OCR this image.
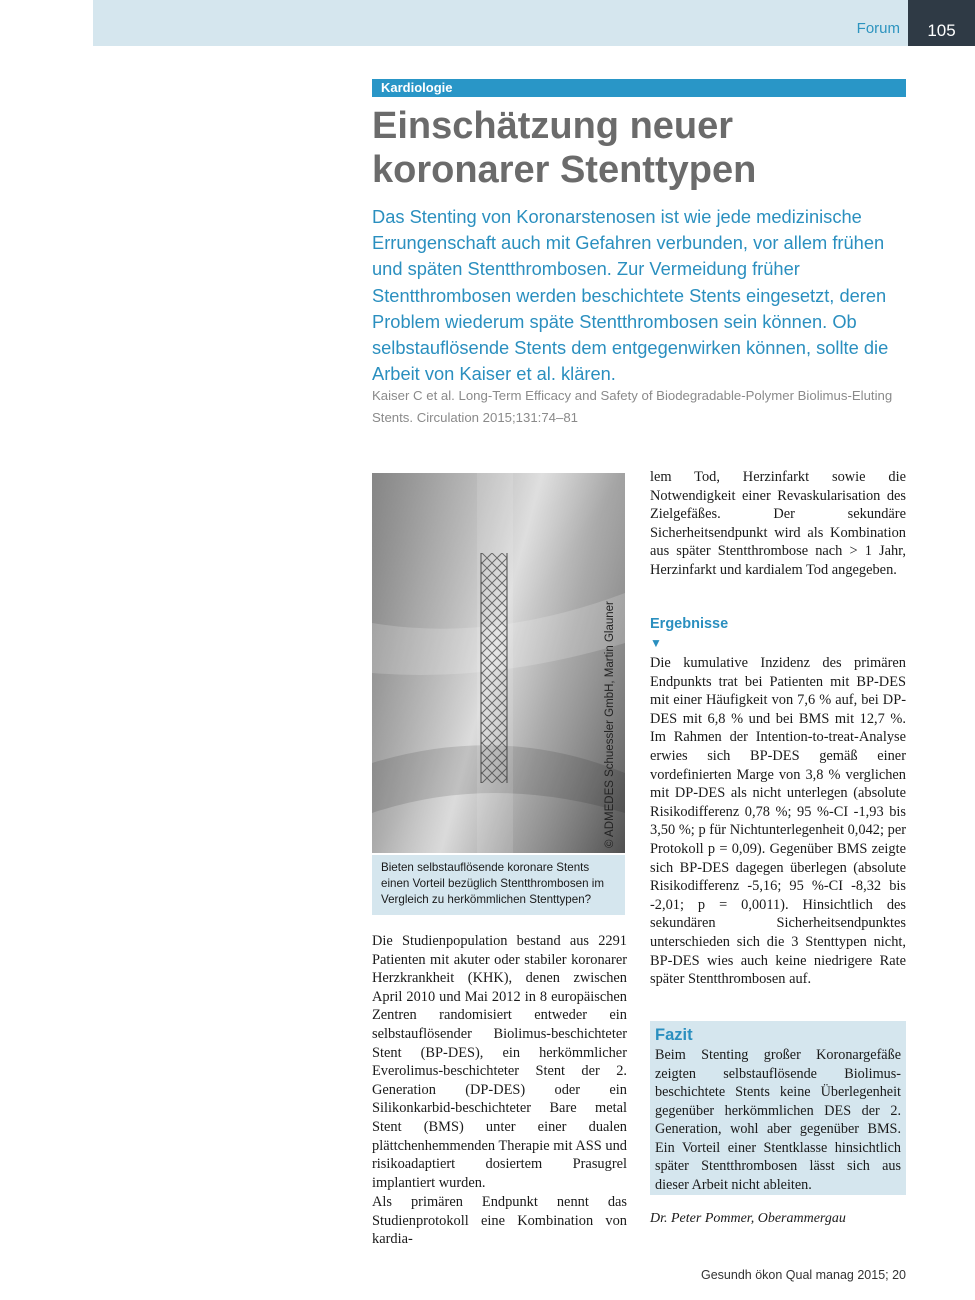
Forum	105
Kardiologie
Einschätzung neuer koronarer Stenttypen

Das Stenting von Koronarstenosen ist wie jede medizinische Errungenschaft auch mit Gefahren verbunden, vor allem frühen und späten Stentthrombosen. Zur Vermeidung früher Stentthrombosen werden beschichtete Stents eingesetzt, deren Problem wiederum späte Stentthrombosen sein können. Ob selbstauflösende Stents dem entgegenwirken können, sollte die Arbeit von Kaiser et al. klären.

Kaiser C et al. Long-Term Efficacy and Safety of Biodegradable-Polymer Biolimus-Eluting Stents. Circulation 2015;131:74–81

© ADMEDES Schuessler GmbH, Martin Glauner

Bieten selbstauflösende koronare Stents einen Vorteil bezüglich Stentthrombosen im Vergleich zu herkömmlichen Stenttypen?

Die Studienpopulation bestand aus 2291 Patienten mit akuter oder stabiler koronarer Herzkrankheit (KHK), denen zwischen April 2010 und Mai 2012 in 8 europäischen Zentren randomisiert entweder ein selbstauflösender Biolimus-beschichteter Stent (BP-DES), ein herkömmlicher Everolimus-beschichteter Stent der 2. Generation (DP-DES) oder ein Silikonkarbid-beschichteter Bare metal Stent (BMS) unter einer dualen plättchenhemmenden Therapie mit ASS und risikoadaptiert dosiertem Prasugrel implantiert wurden.

Als primären Endpunkt nennt das Studienprotokoll eine Kombination von kardia-

lem Tod, Herzinfarkt sowie die Notwendigkeit einer Revaskularisation des Zielgefäßes. Der sekundäre Sicherheitsendpunkt wird als Kombination aus später Stentthrombose nach > 1 Jahr, Herzinfarkt und kardialem Tod angegeben.

Ergebnisse
▼

Die kumulative Inzidenz des primären Endpunkts trat bei Patienten mit BP-DES mit einer Häufigkeit von 7,6 % auf, bei DP-DES mit 6,8 % und bei BMS mit 12,7 %. Im Rahmen der Intention-to-treat-Analyse erwies sich BP-DES gemäß einer vordefinierten Marge von 3,8 % verglichen mit DP-DES als nicht unterlegen (absolute Risikodifferenz 0,78 %; 95 %-CI -1,93 bis 3,50 %; p für Nichtunterlegenheit 0,042; per Protokoll p = 0,09). Gegenüber BMS zeigte sich BP-DES dagegen überlegen (absolute Risikodifferenz -5,16; 95 %-CI -8,32 bis -2,01; p = 0,0011). Hinsichtlich des sekundären Sicherheitsendpunktes unterschieden sich die 3 Stenttypen nicht, BP-DES wies auch keine niedrigere Rate später Stentthrombosen auf.

Fazit

Beim Stenting großer Koronargefäße zeigten selbstauflösende Biolimus-beschichtete Stents keine Überlegenheit gegenüber herkömmlichen DES der 2. Generation, wohl aber gegenüber BMS. Ein Vorteil einer Stentklasse hinsichtlich später Stentthrombosen lässt sich aus dieser Arbeit nicht ableiten.

Dr. Peter Pommer, Oberammergau

Gesundh ökon Qual manag 2015; 20
